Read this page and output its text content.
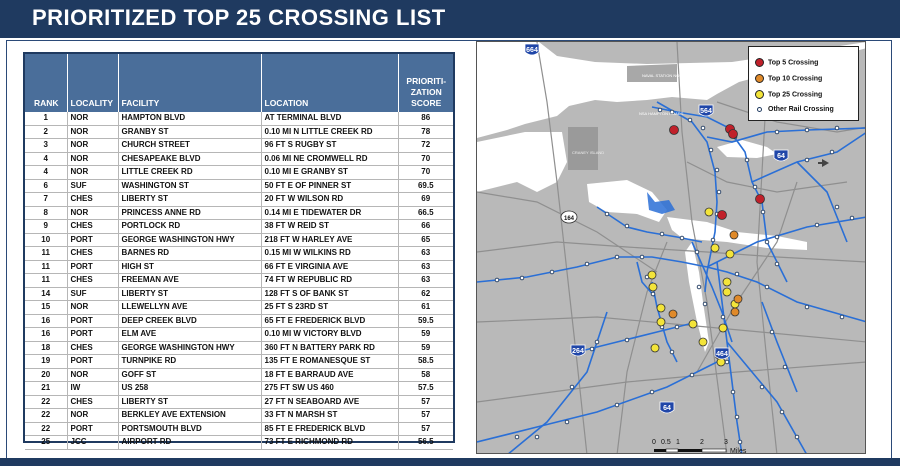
PRIORITIZED TOP 25 CROSSING LIST
RANK	LOCALITY	FACILITY	LOCATION	PRIORITI-
ZATION
SCORE
1	NOR	HAMPTON BLVD	AT TERMINAL BLVD	86
2	NOR	GRANBY ST	0.10 MI N LITTLE CREEK RD	78
3	NOR	CHURCH STREET	96 FT S RUGBY ST	72
4	NOR	CHESAPEAKE BLVD	0.06 MI NE CROMWELL RD	70
4	NOR	LITTLE CREEK RD	0.10 MI E GRANBY ST	70
6	SUF	WASHINGTON ST	50 FT E OF PINNER ST	69.5
7	CHES	LIBERTY ST	20 FT W WILSON RD	69
8	NOR	PRINCESS ANNE RD	0.14 MI E TIDEWATER DR	66.5
9	CHES	PORTLOCK RD	38 FT W REID ST	66
10	PORT	GEORGE WASHINGTON HWY	218 FT W HARLEY AVE	65
11	CHES	BARNES RD	0.15 MI W WILKINS RD	63
11	PORT	HIGH ST	66 FT E VIRGINIA AVE	63
11	CHES	FREEMAN AVE	74 FT W REPUBLIC RD	63
14	SUF	LIBERTY ST	128 FT S OF BANK ST	62
15	NOR	LLEWELLYN AVE	25 FT S 23RD ST	61
16	PORT	DEEP CREEK BLVD	65 FT E FREDERICK BLVD	59.5
16	PORT	ELM AVE	0.10 MI W VICTORY BLVD	59
18	CHES	GEORGE WASHINGTON HWY	360 FT N BATTERY PARK RD	59
19	PORT	TURNPIKE RD	135 FT E ROMANESQUE ST	58.5
20	NOR	GOFF ST	18 FT E BARRAUD AVE	58
21	IW	US 258	275 FT SW US 460	57.5
22	CHES	LIBERTY ST	27 FT N SEABOARD AVE	57
22	NOR	BERKLEY AVE EXTENSION	33 FT N MARSH ST	57
22	PORT	PORTSMOUTH BLVD	85 FT E FREDERICK BLVD	57
25	JCC	AIRPORT RD	73 FT E RICHMOND RD	56.5
664
564
64
164
264	464
64
NAVAL STATION NORFOLK
NSA HAMPTON ROADS
CRANEY ISLAND
Top 5 Crossing
Top 10 Crossing
Top 25 Crossing
Other Rail Crossing
0 0.5 1	2	3
Miles
